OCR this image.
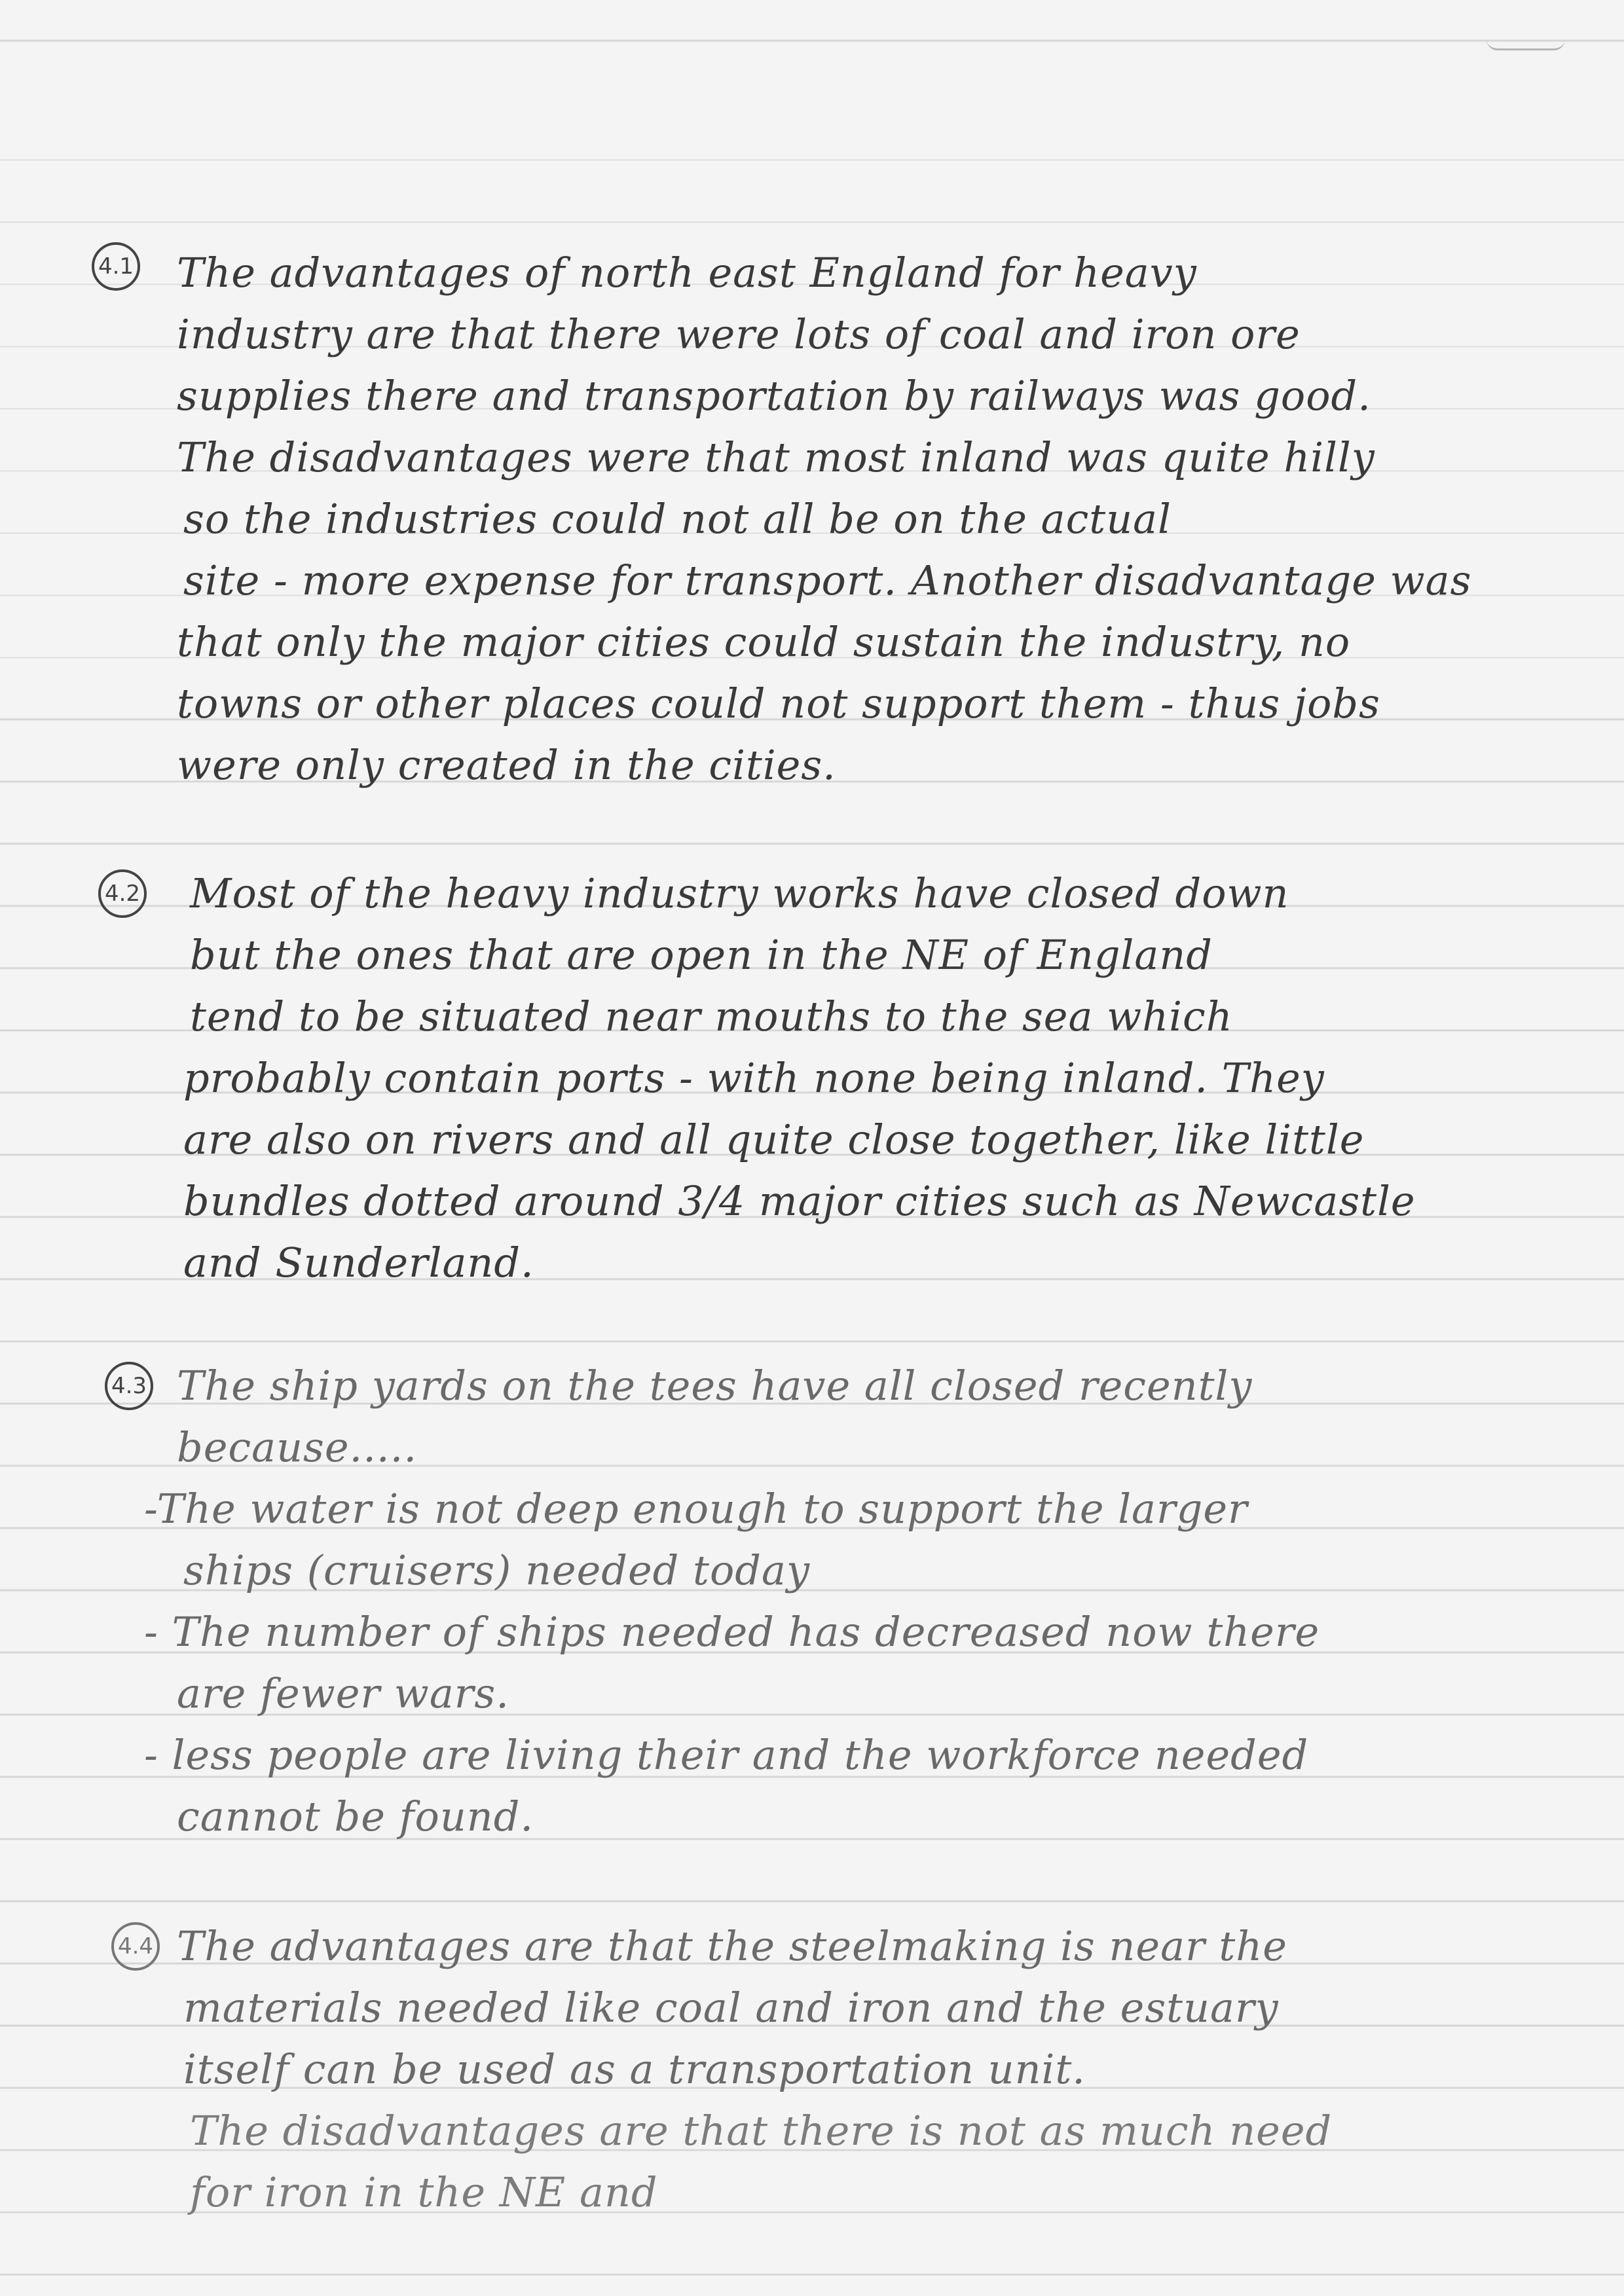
4.1 The advantages of north east England for heavy
industry are that there were lots of coal and iron ore
supplies there and transportation by railways was good.
The disadvantages were that most inland was quite hilly
so the industries could not all be on the actual
site - more expense for transport. Another disadvantage was
that only the major cities could sustain the industry, no
towns or other places could not support them - thus jobs
were only created in the cities.
4.2 Most of the heavy industry works have closed down
but the ones that are open in the NE of England
tend to be situated near mouths to the sea which
probably contain ports - with none being inland. They
are also on rivers and all quite close together, like little
bundles dotted around 3/4 major cities such as Newcastle
and Sunderland.
4.3 The ship yards on the tees have all closed recently
because.....
-The water is not deep enough to support the larger
ships (cruisers) needed today
- The number of ships needed has decreased now there
are fewer wars.
- less people are living their and the workforce needed
cannot be found.
4.4 The advantages are that the steelmaking is near the
materials needed like coal and iron and the estuary
itself can be used as a transportation unit.
The disadvantages are that there is not as much need
for iron in the NE and
